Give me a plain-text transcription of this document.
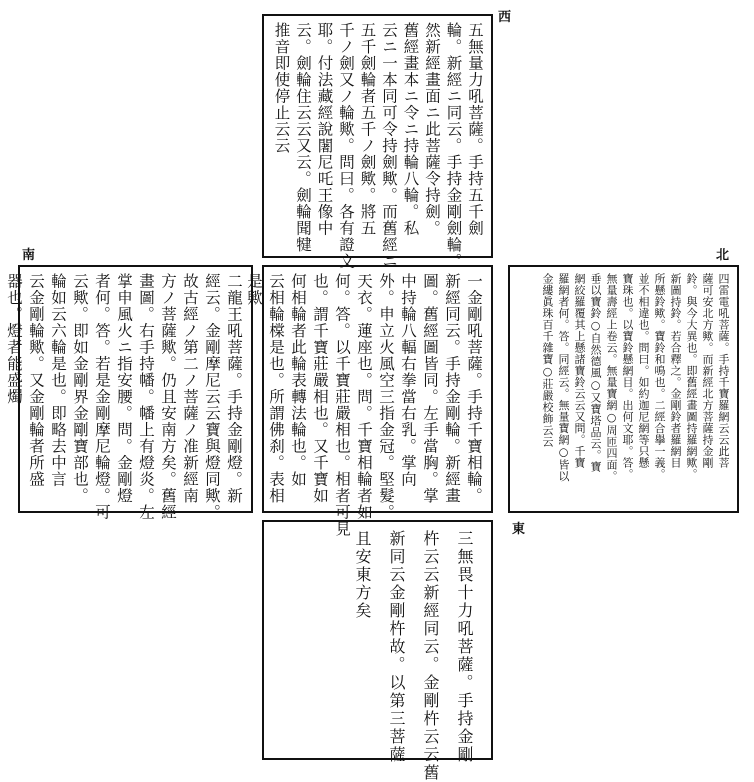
西
南	北
東
五無量力吼菩薩。手持五千劍
輪。新經ニ同云。手持金剛劍輪。
然新經畫面ニ此菩薩令持劍。
舊經畫本ニ令ニ持輪八輪。私
云ニ一本同可令持劍歟。而舊經ニ
五千劍輪者五千ノ劍歟。將五
千ノ劍又ノ輪歟。問曰。各有證文
耶。付法藏經說闍尼吒王像中
云。劍輪住云云又云。劍輪聞犍
推音即使停止云云
二龍王吼菩薩。手持金剛燈。新
經云。金剛摩尼云云寶與燈同歟。
故古經ノ第二ノ菩薩ノ准新經南
方ノ菩薩歟。仍且安南方矣。舊經
畫圖。右手持幡。幡上有燈炎。左
掌申風火ニ指安腰。問。金剛燈
者何。答。若是金剛摩尼輪燈。可
云歟。即如金剛界金剛寶部也。
輪如云六輪是也。即略去中言
云金剛輪歟。又金剛輪者所盛
器也。燈者能盛燭	一金剛吼菩薩。手持千寶相輪。
新經同云。手持金剛輪。新經畫
圖。舊經圖皆同。左手當胸。掌
中持輪八輻右拳當右乳。掌向
外。申立火風空三指金冠。堅髮。
天衣。蓮座也。問。千寶相輪者如
何。答。以千寶莊嚴相也。相者可見
也。謂千寶莊嚴相也。又千寶如
何相輪者此輪表轉法輪也。如
云相輪橖是也。所謂佛刹。表相
是歟	四雷電吼菩薩。手持千寶羅網云云此菩
薩可安北方歟。而新經北方菩薩持金剛
鈴。與今大異也。即舊經畫圖持羅網歟。
新圖持鈴。若合釋之。金剛鈴者羅網目
所懸鈴歟。寶鈴和鳴也。二經合擧一義。
並不相違也。問曰。如約迦尼網等只懸
寶珠也。以寶鈴懸網目。出何文耶。答。
無量壽經上卷云。無量寶網○周匝四面。
垂以寶鈴○自然德風○又寶塔品云。寶
網絞羅覆其上懸諸寶鈴云云又問。千寶
羅網者何。答。同經云。無量寶網○皆以
金縷眞珠百千雜寶○莊嚴校飾云云
三無畏十力吼菩薩。手持金剛
杵云云新經同云。金剛杵云云舊
新同云金剛杵故。以第三菩薩
且安東方矣
